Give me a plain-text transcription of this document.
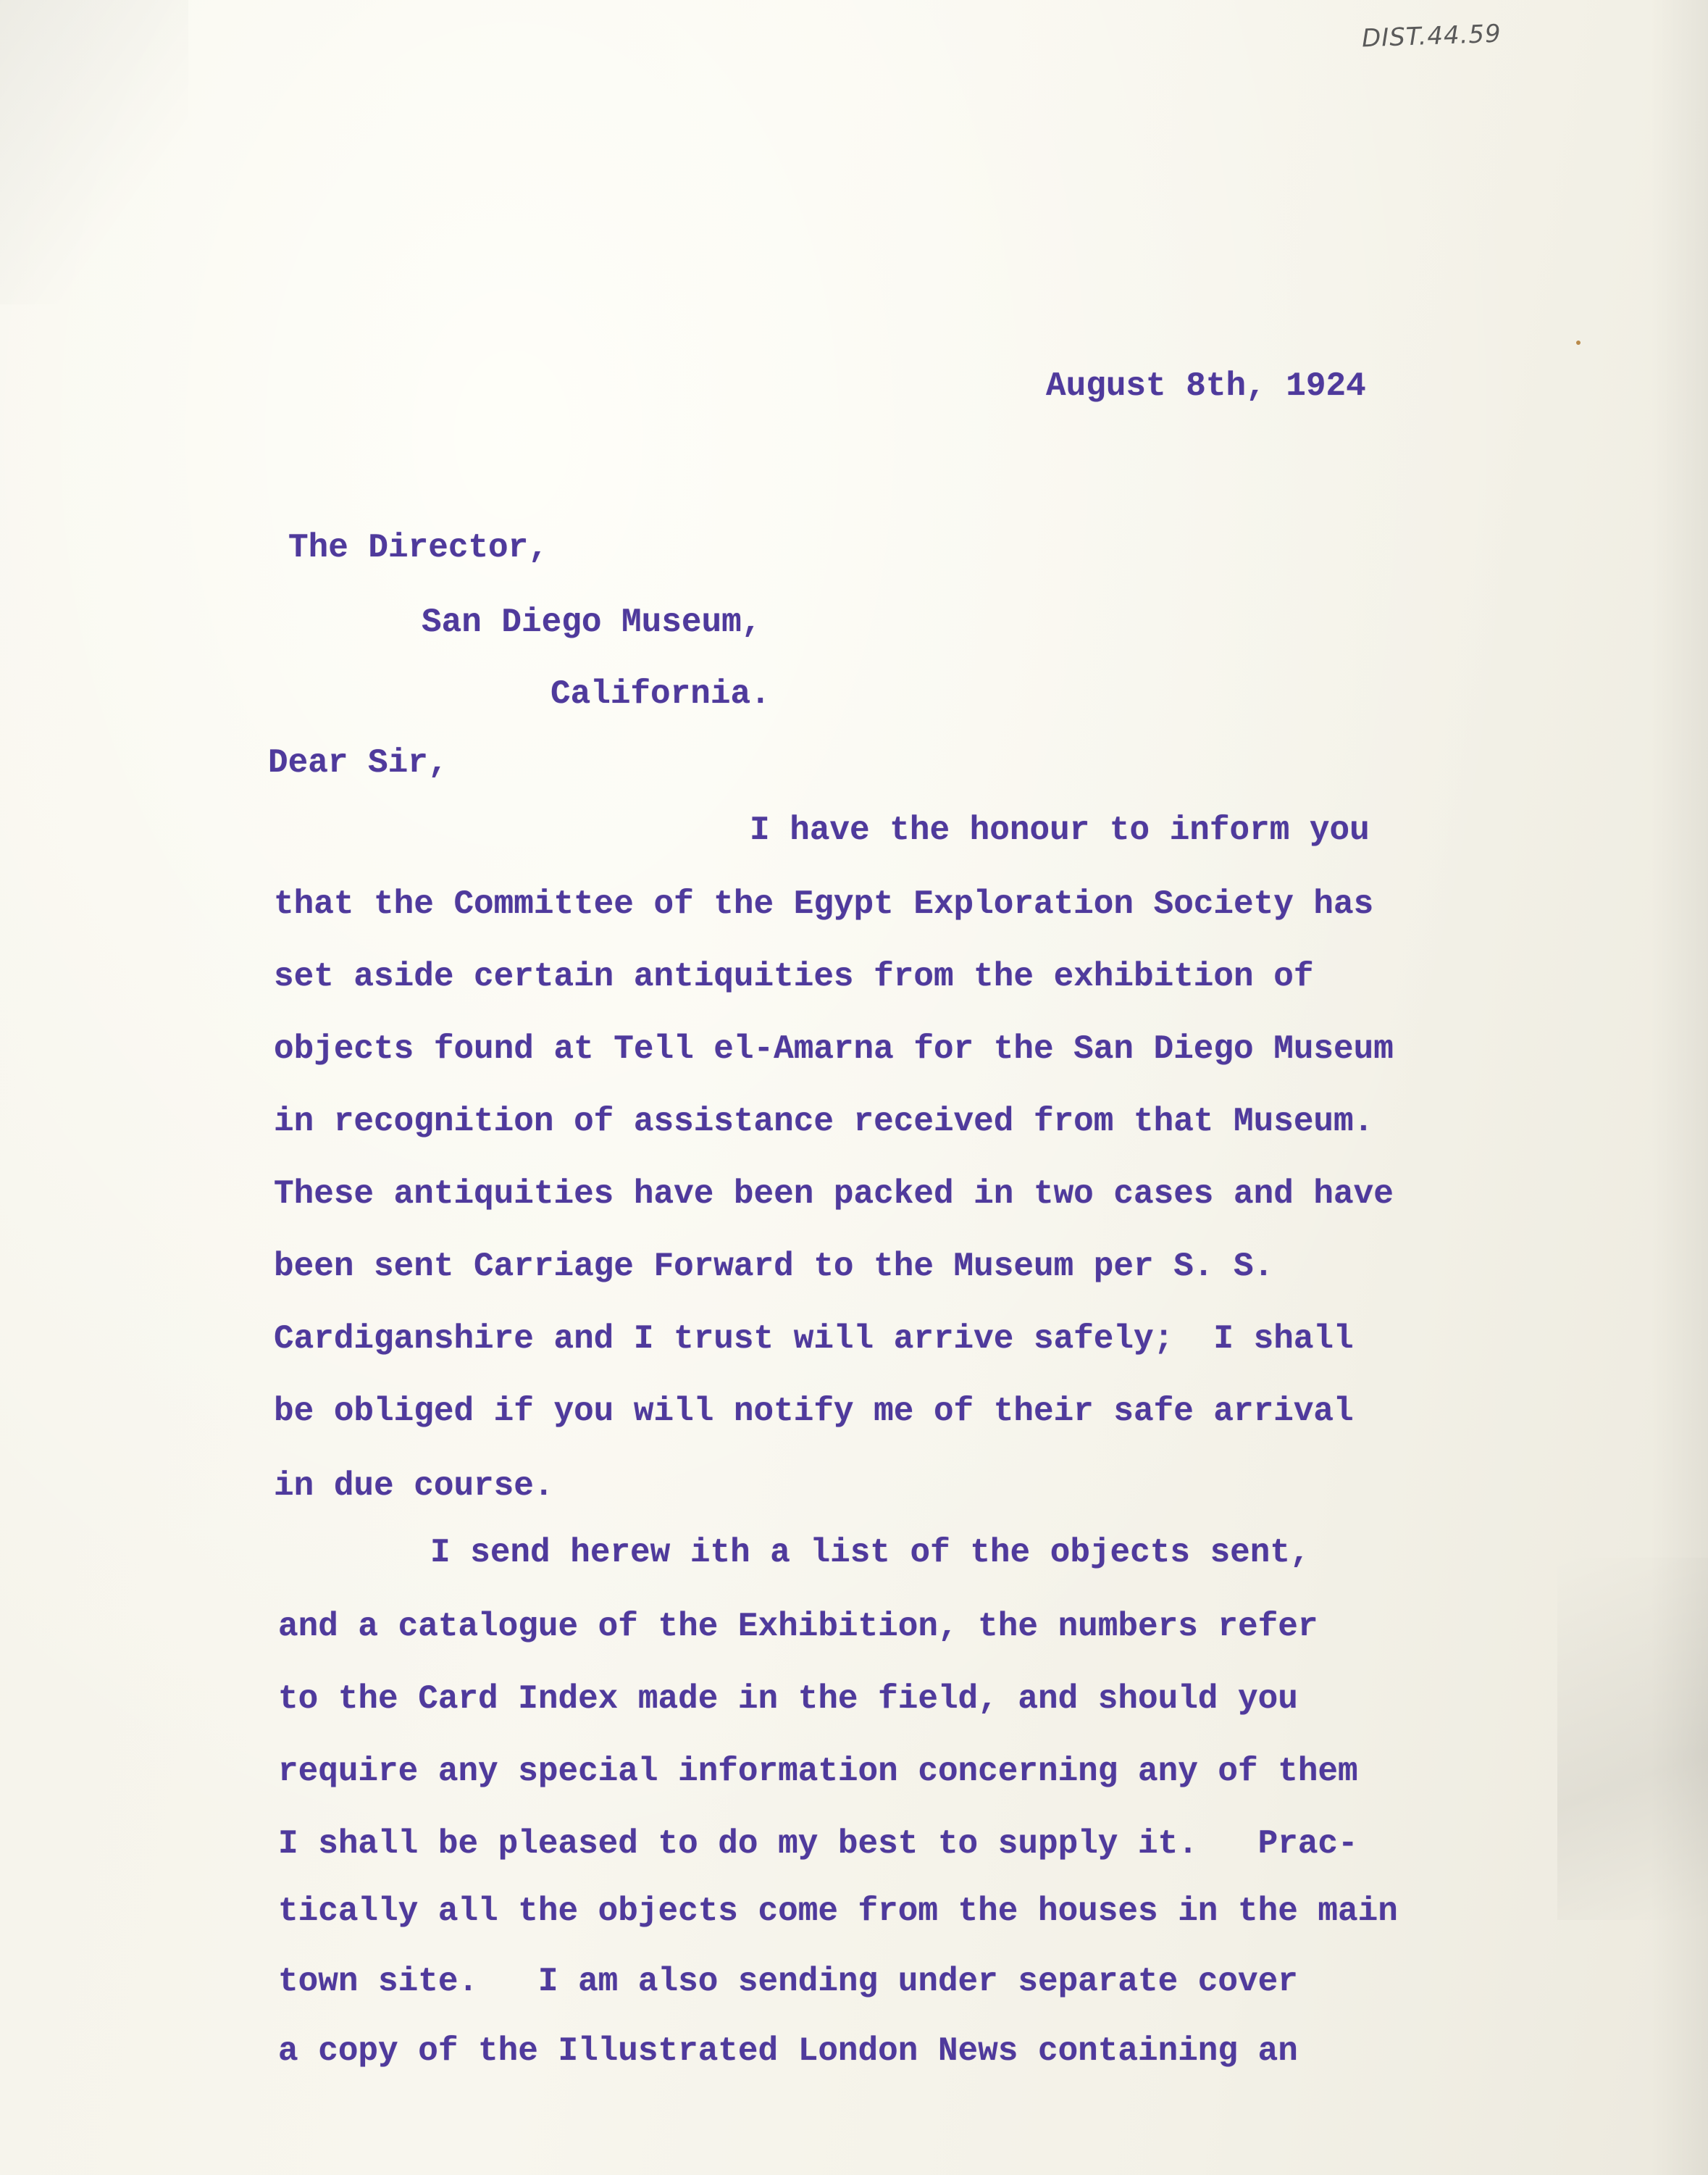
DIST.44.59
August 8th, 1924
The Director,
San Diego Museum,
California.
Dear Sir,
I have the honour to inform you
that the Committee of the Egypt Exploration Society has
set aside certain antiquities from the exhibition of
objects found at Tell el-Amarna for the San Diego Museum
in recognition of assistance received from that Museum.
These antiquities have been packed in two cases and have
been sent Carriage Forward to the Museum per S. S.
Cardiganshire and I trust will arrive safely;  I shall
be obliged if you will notify me of their safe arrival
in due course.
I send herew ith a list of the objects sent,
and a catalogue of the Exhibition, the numbers refer
to the Card Index made in the field, and should you
require any special information concerning any of them
I shall be pleased to do my best to supply it.   Prac-
tically all the objects come from the houses in the main
town site.   I am also sending under separate cover
a copy of the Illustrated London News containing an
